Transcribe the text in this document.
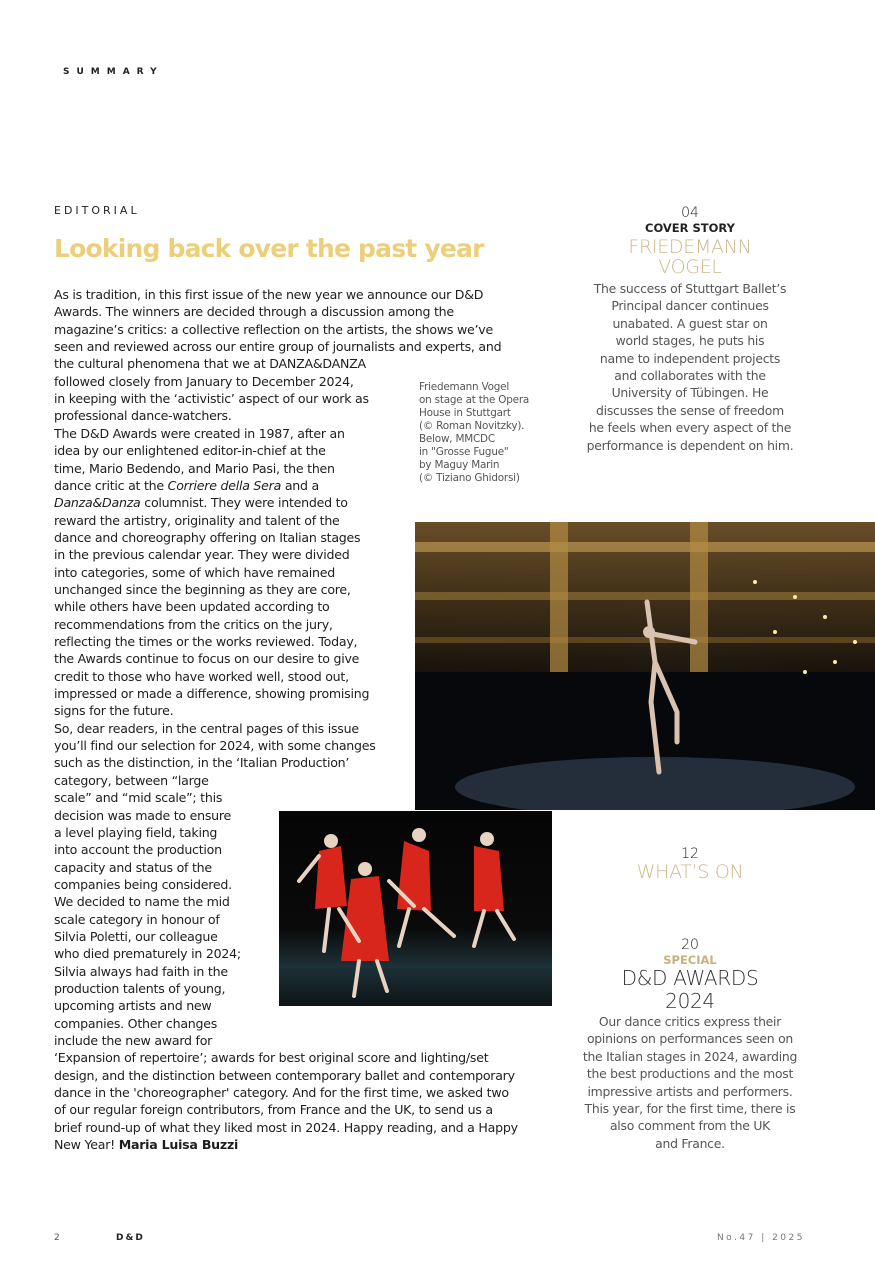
SUMMARY
EDITORIAL
Looking back over the past year
As is tradition, in this first issue of the new year we announce our D&D
Awards. The winners are decided through a discussion among the
magazine’s critics: a collective reflection on the artists, the shows we’ve
seen and reviewed across our entire group of journalists and experts, and
the cultural phenomena that we at DANZA&DANZA
followed closely from January to December 2024,
in keeping with the ‘activistic’ aspect of our work as
professional dance-watchers.
The D&D Awards were created in 1987, after an
idea by our enlightened editor-in-chief at the
time, Mario Bedendo, and Mario Pasi, the then
dance critic at the Corriere della Sera and a
Danza&Danza columnist. They were intended to
reward the artistry, originality and talent of the
dance and choreography offering on Italian stages
in the previous calendar year. They were divided
into categories, some of which have remained
unchanged since the beginning as they are core,
while others have been updated according to
recommendations from the critics on the jury,
reflecting the times or the works reviewed. Today,
the Awards continue to focus on our desire to give
credit to those who have worked well, stood out,
impressed or made a difference, showing promising
signs for the future.
So, dear readers, in the central pages of this issue
you’ll find our selection for 2024, with some changes
such as the distinction, in the ‘Italian Production’
category, between “large
scale” and “mid scale”; this
decision was made to ensure
a level playing field, taking
into account the production
capacity and status of the
companies being considered.
We decided to name the mid
scale category in honour of
Silvia Poletti, our colleague
who died prematurely in 2024;
Silvia always had faith in the
production talents of young,
upcoming artists and new
companies. Other changes
include the new award for
‘Expansion of repertoire’; awards for best original score and lighting/set
design, and the distinction between contemporary ballet and contemporary
dance in the 'choreographer' category. And for the first time, we asked two
of our regular foreign contributors, from France and the UK, to send us a
brief round-up of what they liked most in 2024. Happy reading, and a Happy
New Year! Maria Luisa Buzzi
Friedemann Vogel
on stage at the Opera
House in Stuttgart
(© Roman Novitzky).
Below, MMCDC
in "Grosse Fugue"
by Maguy Marin
(© Tiziano Ghidorsi)
04
COVER STORY
FRIEDEMANN
VOGEL
The success of Stuttgart Ballet’s
Principal dancer continues
unabated. A guest star on
world stages, he puts his
name to independent projects
and collaborates with the
University of Tübingen. He
discusses the sense of freedom
he feels when every aspect of the
performance is dependent on him.
12
WHAT’S ON
20
SPECIAL
D&D AWARDS
2024
Our dance critics express their
opinions on performances seen on
the Italian stages in 2024, awarding
the best productions and the most
impressive artists and performers.
This year, for the first time, there is
also comment from the UK
and France.
2	D&D	No.47 | 2025
